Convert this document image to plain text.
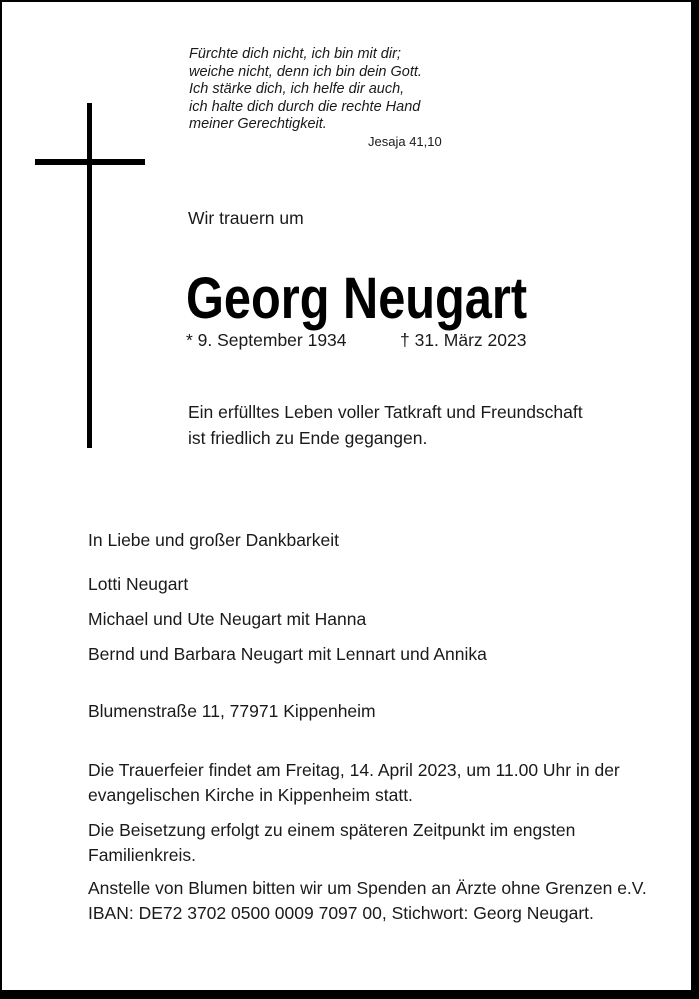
Fürchte dich nicht, ich bin mit dir;
weiche nicht, denn ich bin dein Gott.
Ich stärke dich, ich helfe dir auch,
ich halte dich durch die rechte Hand
meiner Gerechtigkeit.
Jesaja 41,10
Wir trauern um
Georg Neugart
* 9. September 1934	† 31. März 2023
Ein erfülltes Leben voller Tatkraft und Freundschaft
ist friedlich zu Ende gegangen.
In Liebe und großer Dankbarkeit
Lotti Neugart
Michael und Ute Neugart mit Hanna
Bernd und Barbara Neugart mit Lennart und Annika
Blumenstraße 11, 77971 Kippenheim
Die Trauerfeier findet am Freitag, 14. April 2023, um 11.00 Uhr in der
evangelischen Kirche in Kippenheim statt.
Die Beisetzung erfolgt zu einem späteren Zeitpunkt im engsten
Familienkreis.
Anstelle von Blumen bitten wir um Spenden an Ärzte ohne Grenzen e.V.
IBAN: DE72 3702 0500 0009 7097 00, Stichwort: Georg Neugart.
